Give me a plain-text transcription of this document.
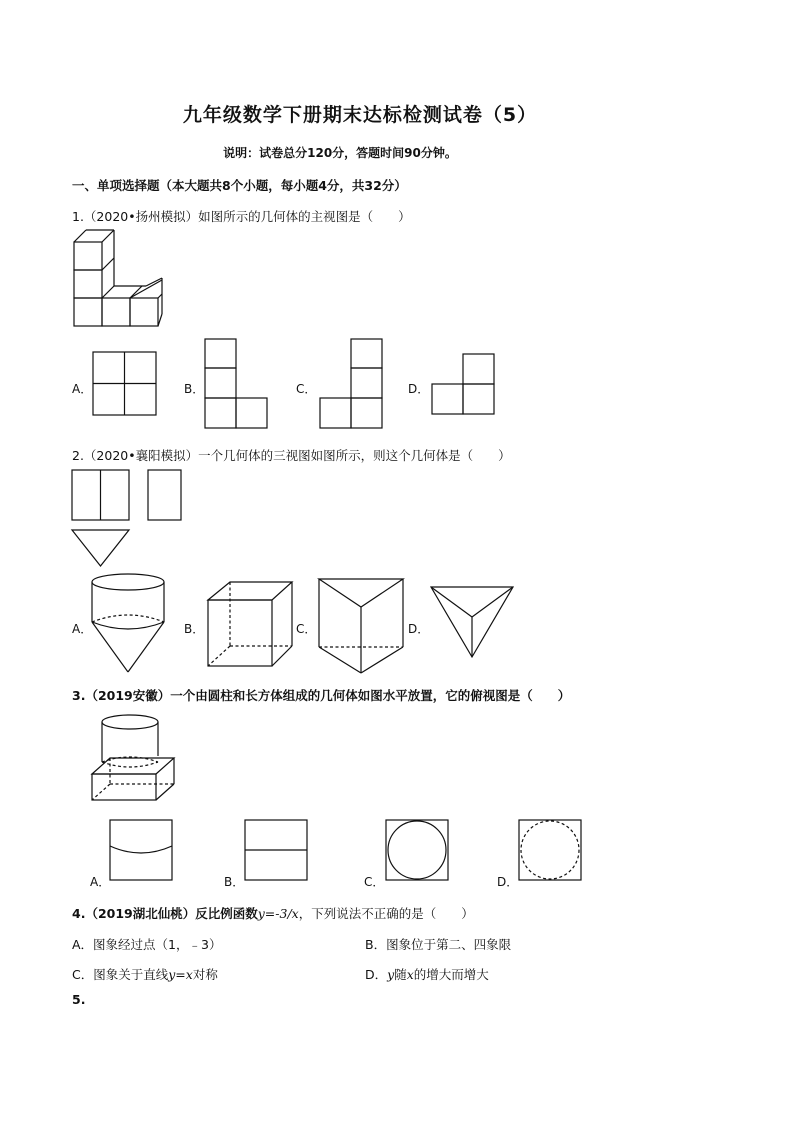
九年级数学下册期末达标检测试卷（5）
说明：试卷总分120分，答题时间90分钟。
一、单项选择题（本大题共8个小题，每小题4分，共32分）
1.（2020•扬州模拟）如图所示的几何体的主视图是（　　）
A．	B．	C．	D．
2.（2020•襄阳模拟）一个几何体的三视图如图所示，则这个几何体是（　　）
A．	B．	C．	D．
3.（2019安徽）一个由圆柱和长方体组成的几何体如图水平放置，它的俯视图是（　　）
A．	B．	C．	D．
4.（2019湖北仙桃）反比例函数y=-3/x，下列说法不正确的是（　　）
A．图象经过点（1，﹣3）	B．图象位于第二、四象限
C．图象关于直线y=x对称	D．y随x的增大而增大
5.
